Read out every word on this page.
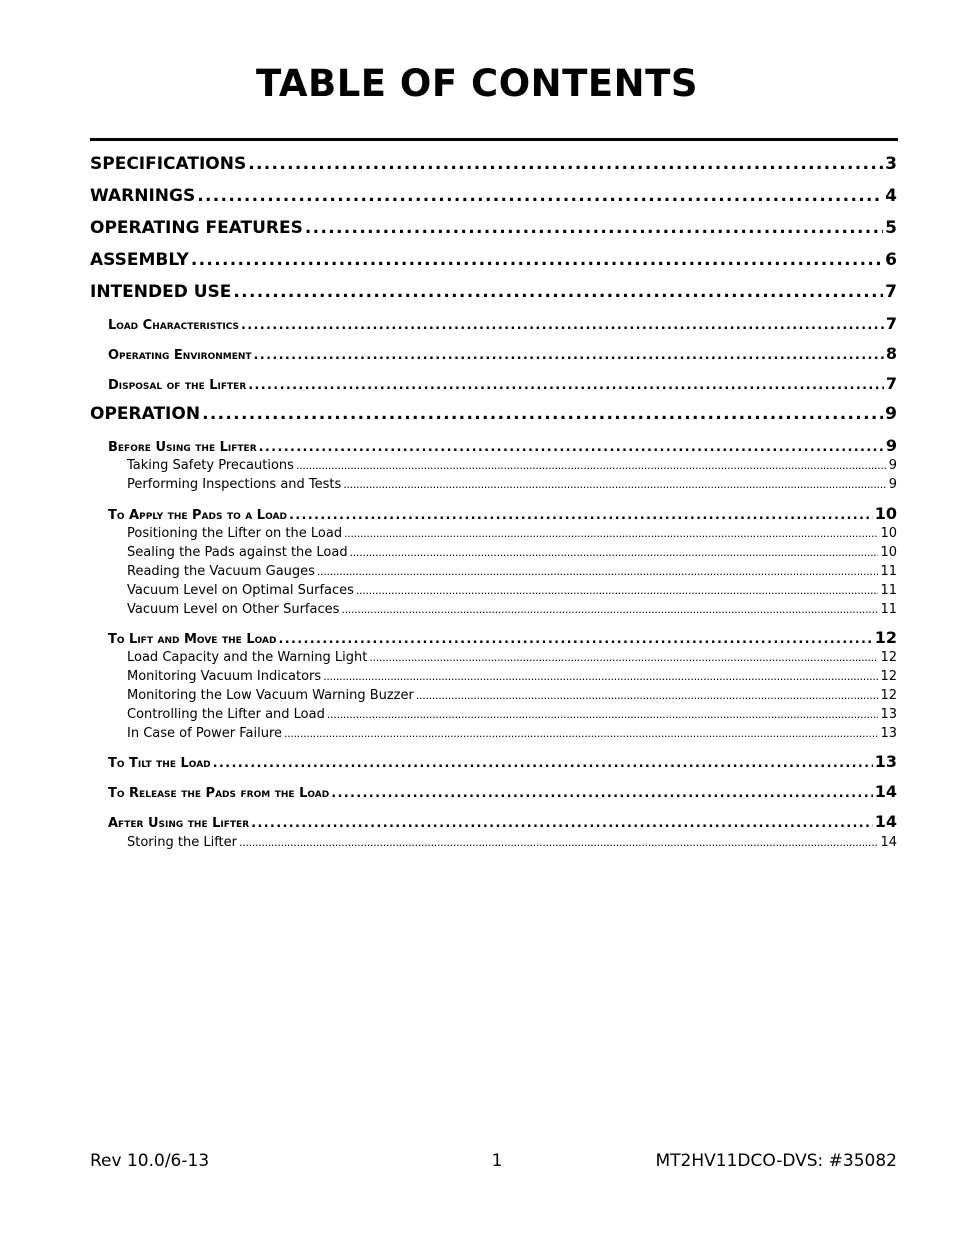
TABLE OF CONTENTS
SPECIFICATIONS . . .	3
WARNINGS . . .	4
OPERATING FEATURES . . .	5
ASSEMBLY . . .	6
INTENDED USE . . .	7
Load Characteristics . . .	7
Operating Environment . . .	8
Disposal of the Lifter . . .	7
OPERATION . . .	9
Before Using the Lifter . . .	9
Taking Safety Precautions . . .	9
Performing Inspections and Tests . . .	9
To Apply the Pads to a Load . . .	10
Positioning the Lifter on the Load . . .	10
Sealing the Pads against the Load . . .	10
Reading the Vacuum Gauges . . .	11
Vacuum Level on Optimal Surfaces . . .	11
Vacuum Level on Other Surfaces . . .	11
To Lift and Move the Load . . .	12
Load Capacity and the Warning Light . . .	12
Monitoring Vacuum Indicators . . .	12
Monitoring the Low Vacuum Warning Buzzer . . .	12
Controlling the Lifter and Load . . .	13
In Case of Power Failure . . .	13
To Tilt the Load . . .	13
To Release the Pads from the Load . . .	14
After Using the Lifter . . .	14
Storing the Lifter . . .	14
Rev 10.0/6-13	1	MT2HV11DCO-DVS: #35082
